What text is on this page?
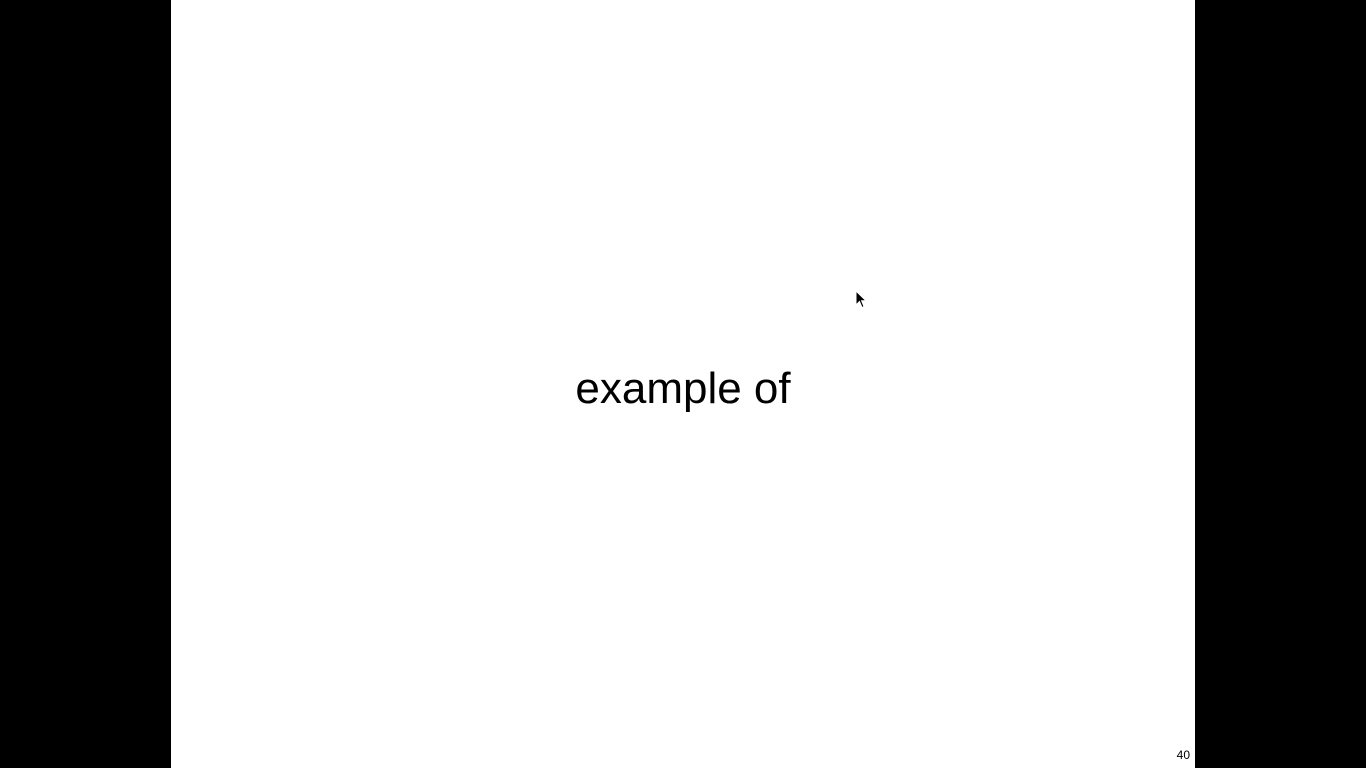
example of
40
